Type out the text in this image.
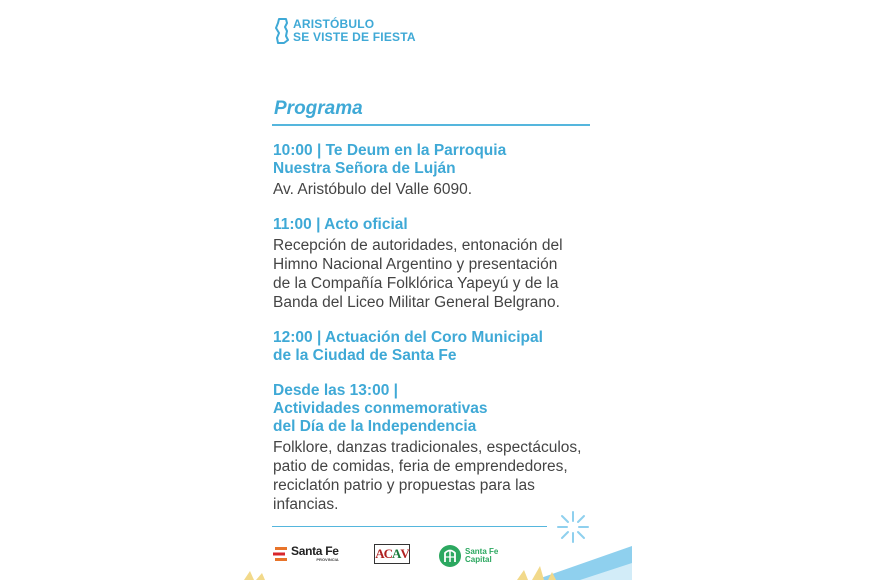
ARISTÓBULO
SE VISTE DE FIESTA
Programa
10:00 | Te Deum en la Parroquia
Nuestra Señora de Luján
Av. Aristóbulo del Valle 6090.
11:00 | Acto oficial
Recepción de autoridades, entonación del
Himno Nacional Argentino y presentación
de la Compañía Folklórica Yapeyú y de la
Banda del Liceo Militar General Belgrano.
12:00 | Actuación del Coro Municipal
de la Ciudad de Santa Fe
Desde las 13:00 |
Actividades conmemorativas
del Día de la Independencia
Folklore, danzas tradicionales, espectáculos,
patio de comidas, feria de emprendedores,
reciclatón patrio y propuestas para las
infancias.
Santa Fe
PROVINCIA	AC A V	Santa Fe
Capital
